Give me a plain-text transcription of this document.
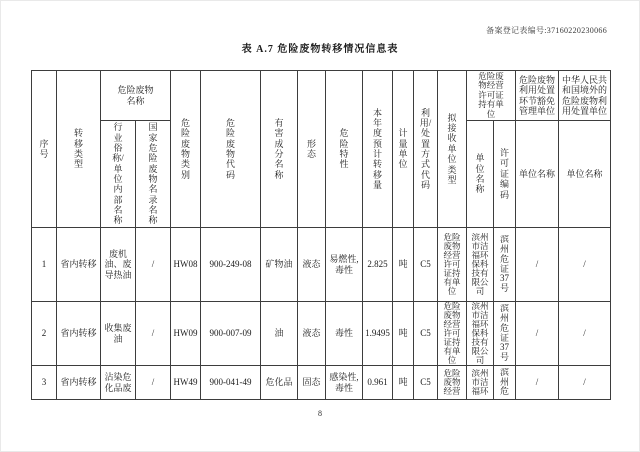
备案登记表编号:37160220230066
表 A.7 危险废物转移情况信息表
序号	转移类型	危险废物名称		危险废物类别	危险废物代码	有害成分名称	形态	危险特性	本年度预计转移量	计量单位	利用/处置方式代码	拟接收单位类型	危险废物经营许可证持有单位		危险废物利用处置环节豁免管理单位	中华人民共和国境外的危险废物利用处置单位

		行业俗称/单位内部名称	国家危险废物名录名称										单位名称	许可证编码	单位名称	单位名称

1	省内转移	废机油、废导热油	/	HW08	900-249-08	矿物油	液态	易燃性,毒性	2.825	吨	C5	危险废物经营许可证持有单位	滨州市洁福环保科技有限公司	滨州危证37号	/	/

2	省内转移	收集废油	/	HW09	900-007-09	油	液态	毒性	1.9495	吨	C5	危险废物经营许可证持有单位	滨州市洁福环保科技有限公司	滨州危证37号	/	/

3	省内转移	沾染危化品废	/	HW49	900-041-49	危化品	固态	感染性,毒性	0.961	吨	C5	危险废物经营	滨州市洁福环	滨州危	/	/
8
